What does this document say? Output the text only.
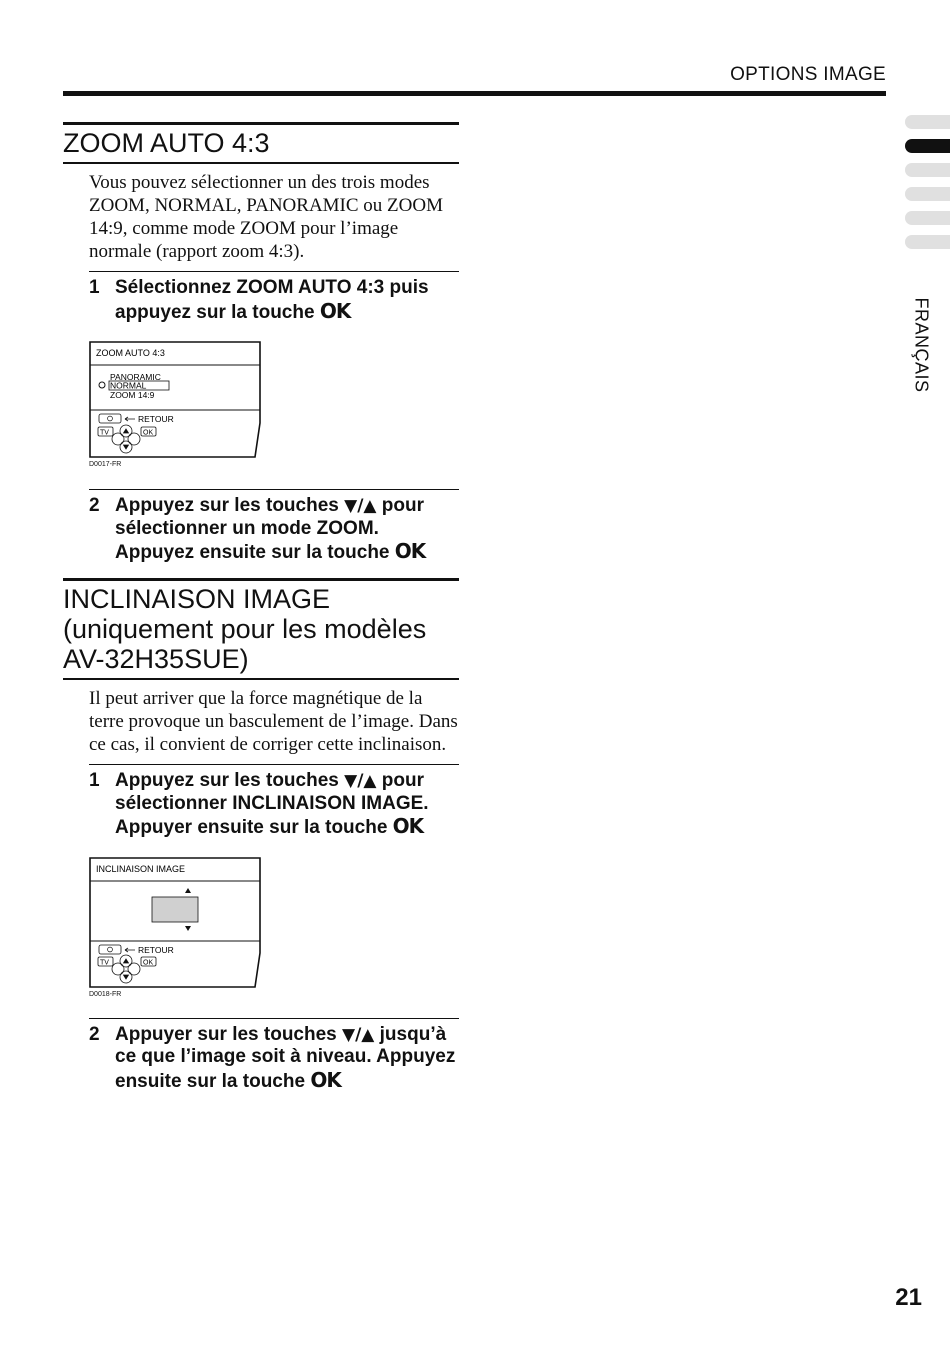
OPTIONS IMAGE
FRANÇAIS
ZOOM AUTO 4:3
Vous pouvez sélectionner un des trois modes ZOOM, NORMAL, PANORAMIC ou ZOOM 14:9, comme mode ZOOM pour l’image normale (rapport zoom 4:3).
1 Sélectionnez ZOOM AUTO 4:3 puis appuyez sur la touche OK
ZOOM AUTO 4:3
PANORAMIC
NORMAL
ZOOM 14:9
RETOUR
TV	OK
D0017-FR
2 Appuyez sur les touches ▼/▲ pour sélectionner un mode ZOOM. Appuyez ensuite sur la touche OK
INCLINAISON IMAGE
(uniquement pour les modèles
AV-32H35SUE)
Il peut arriver que la force magnétique de la terre provoque un basculement de l’image. Dans ce cas, il convient de corriger cette inclinaison.
1 Appuyez sur les touches ▼/▲ pour sélectionner INCLINAISON IMAGE. Appuyer ensuite sur la touche OK
INCLINAISON IMAGE
RETOUR
TV	OK
D0018-FR
2 Appuyer sur les touches ▼/▲ jusqu’à ce que l’image soit à niveau. Appuyez ensuite sur la touche OK
21
